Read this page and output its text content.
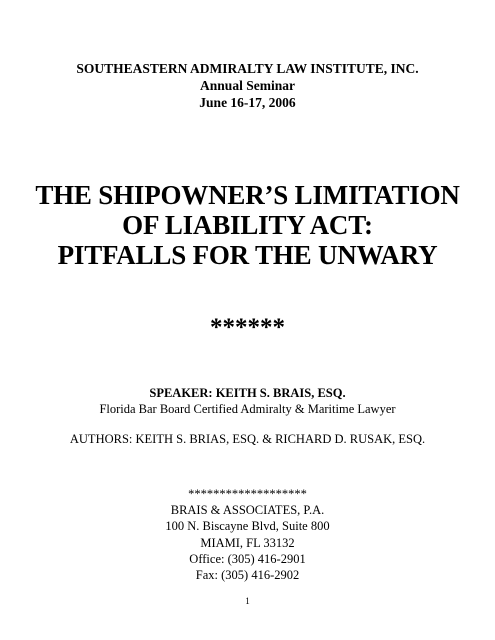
SOUTHEASTERN ADMIRALTY LAW INSTITUTE, INC.
Annual Seminar
June 16-17, 2006
THE SHIPOWNER’S LIMITATION
OF LIABILITY ACT:
PITFALLS FOR THE UNWARY
******
SPEAKER: KEITH S. BRAIS, ESQ.
Florida Bar Board Certified Admiralty & Maritime Lawyer
AUTHORS: KEITH S. BRIAS, ESQ. & RICHARD D. RUSAK, ESQ.
*******************
BRAIS & ASSOCIATES, P.A.
100 N. Biscayne Blvd, Suite 800
MIAMI, FL 33132
Office: (305) 416-2901
Fax: (305) 416-2902
1
